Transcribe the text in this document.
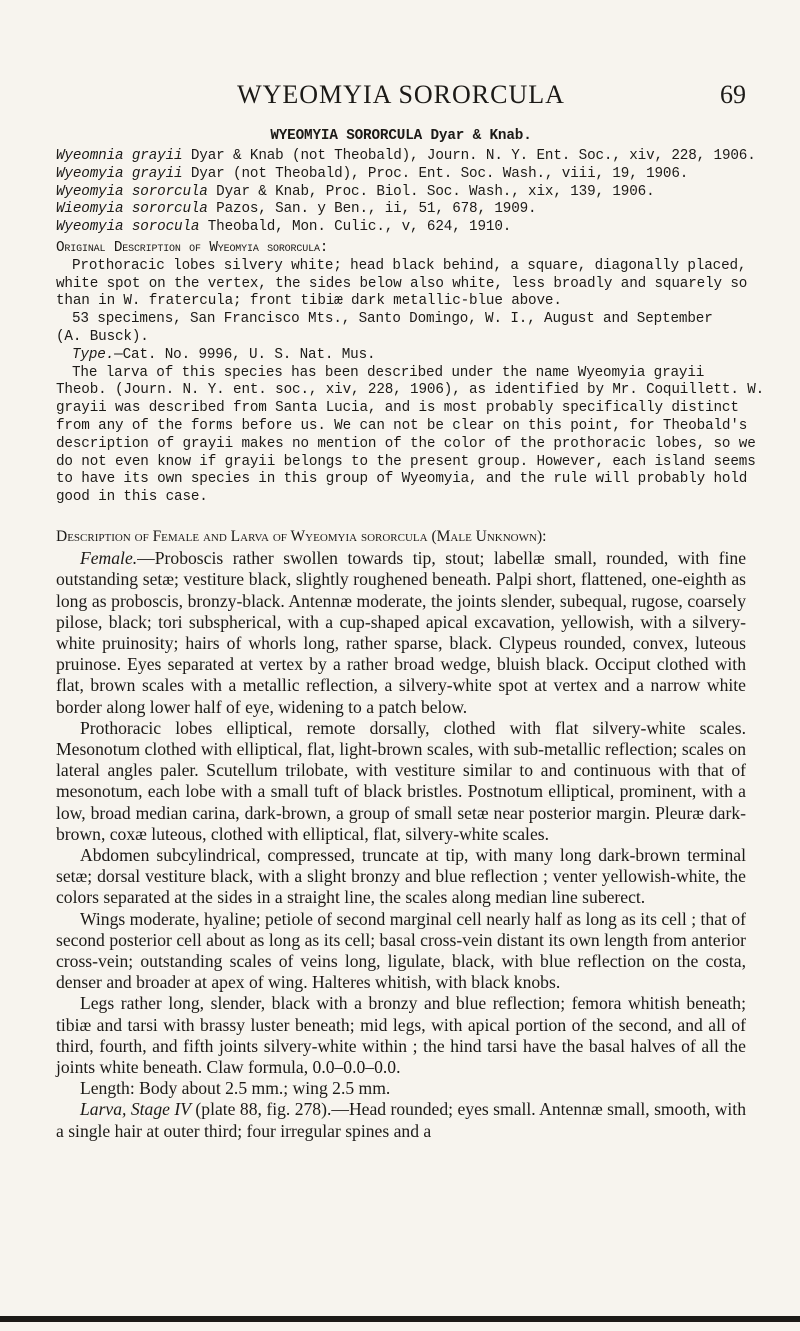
WYEOMYIA SORORCULA	69
WYEOMYIA SORORCULA Dyar & Knab.
Wyeomnia grayii Dyar & Knab (not Theobald), Journ. N. Y. Ent. Soc., xiv, 228, 1906.
Wyeomyia grayii Dyar (not Theobald), Proc. Ent. Soc. Wash., viii, 19, 1906.
Wyeomyia sororcula Dyar & Knab, Proc. Biol. Soc. Wash., xix, 139, 1906.
Wieomyia sororcula Pazos, San. y Ben., ii, 51, 678, 1909.
Wyeomyia sorocula Theobald, Mon. Culic., v, 624, 1910.
Original Description of Wyeomyia sororcula:
Prothoracic lobes silvery white; head black behind, a square, diagonally placed,
white spot on the vertex, the sides below also white, less broadly and squarely so
than in W. fratercula; front tibiæ dark metallic-blue above.
53 specimens, San Francisco Mts., Santo Domingo, W. I., August and September
(A. Busck).
Type.—Cat. No. 9996, U. S. Nat. Mus.
The larva of this species has been described under the name Wyeomyia grayii
Theob. (Journ. N. Y. ent. soc., xiv, 228, 1906), as identified by Mr. Coquillett. W.
grayii was described from Santa Lucia, and is most probably specifically distinct
from any of the forms before us. We can not be clear on this point, for Theobald's
description of grayii makes no mention of the color of the prothoracic lobes, so we
do not even know if grayii belongs to the present group. However, each island seems
to have its own species in this group of Wyeomyia, and the rule will probably hold
good in this case.

Description of Female and Larva of Wyeomyia sororcula (Male Unknown):

Female.—Proboscis rather swollen towards tip, stout; labellæ small, rounded, with fine outstanding setæ; vestiture black, slightly roughened beneath. Palpi short, flattened, one-eighth as long as proboscis, bronzy-black. Antennæ moderate, the joints slender, subequal, rugose, coarsely pilose, black; tori subspherical, with a cup-shaped apical excavation, yellowish, with a silvery-white pruinosity; hairs of whorls long, rather sparse, black. Clypeus rounded, convex, luteous pruinose. Eyes separated at vertex by a rather broad wedge, bluish black. Occiput clothed with flat, brown scales with a metallic reflection, a silvery-white spot at vertex and a narrow white border along lower half of eye, widening to a patch below.

Prothoracic lobes elliptical, remote dorsally, clothed with flat silvery-white scales. Mesonotum clothed with elliptical, flat, light-brown scales, with sub-metallic reflection; scales on lateral angles paler. Scutellum trilobate, with vestiture similar to and continuous with that of mesonotum, each lobe with a small tuft of black bristles. Postnotum elliptical, prominent, with a low, broad median carina, dark-brown, a group of small setæ near posterior margin. Pleuræ dark-brown, coxæ luteous, clothed with elliptical, flat, silvery-white scales.

Abdomen subcylindrical, compressed, truncate at tip, with many long dark-brown terminal setæ; dorsal vestiture black, with a slight bronzy and blue reflection ; venter yellowish-white, the colors separated at the sides in a straight line, the scales along median line suberect.

Wings moderate, hyaline; petiole of second marginal cell nearly half as long as its cell ; that of second posterior cell about as long as its cell; basal cross-vein distant its own length from anterior cross-vein; outstanding scales of veins long, ligulate, black, with blue reflection on the costa, denser and broader at apex of wing. Halteres whitish, with black knobs.

Legs rather long, slender, black with a bronzy and blue reflection; femora whitish beneath; tibiæ and tarsi with brassy luster beneath; mid legs, with apical portion of the second, and all of third, fourth, and fifth joints silvery-white within ; the hind tarsi have the basal halves of all the joints white beneath. Claw formula, 0.0–0.0–0.0.

Length: Body about 2.5 mm.; wing 2.5 mm.

Larva, Stage IV (plate 88, fig. 278).—Head rounded; eyes small. Antennæ small, smooth, with a single hair at outer third; four irregular spines and a
